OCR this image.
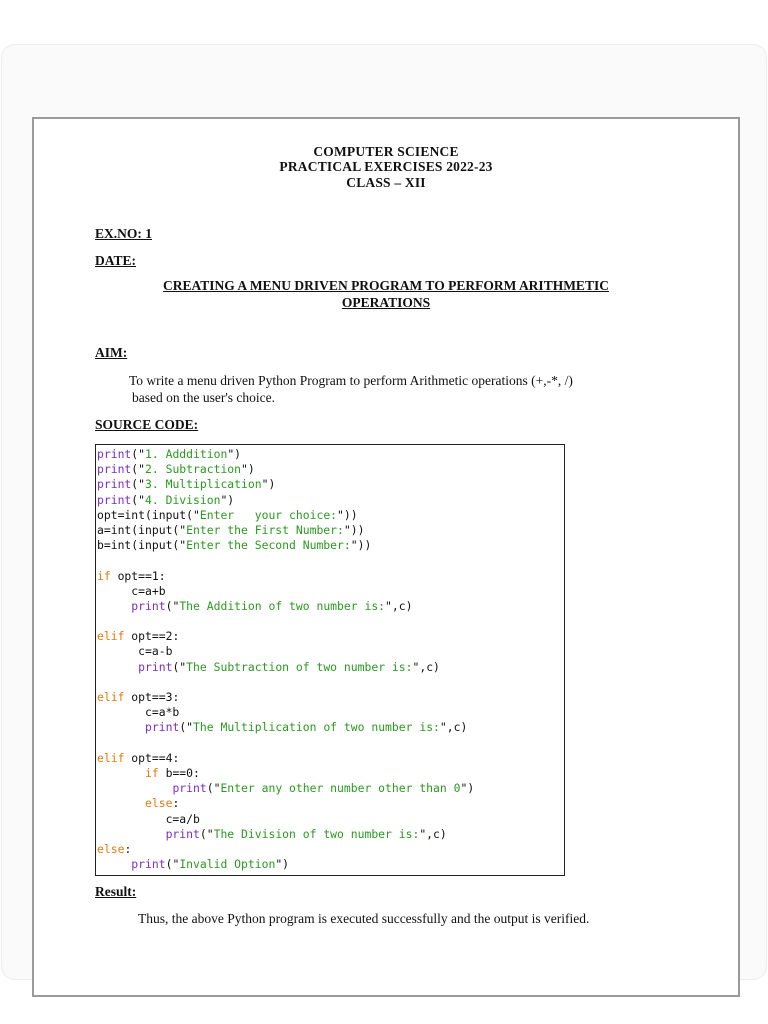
COMPUTER SCIENCE
PRACTICAL EXERCISES 2022-23
CLASS – XII
EX.NO: 1
DATE:
CREATING A MENU DRIVEN PROGRAM TO PERFORM ARITHMETIC
OPERATIONS
AIM:
To write a menu driven Python Program to perform Arithmetic operations (+,-*, /)
based on the user's choice.
SOURCE CODE:
print("1. Adddition")
print("2. Subtraction")
print("3. Multiplication")
print("4. Division")
opt=int(input("Enter   your choice:"))
a=int(input("Enter the First Number:"))
b=int(input("Enter the Second Number:"))
if opt==1:
c=a+b
print("The Addition of two number is:",c)
elif opt==2:
c=a-b
print("The Subtraction of two number is:",c)
elif opt==3:
c=a*b
print("The Multiplication of two number is:",c)
elif opt==4:
if b==0:
print("Enter any other number other than 0")
else:
c=a/b
print("The Division of two number is:",c)
else:
print("Invalid Option")
Result:
Thus, the above Python program is executed successfully and the output is verified.
